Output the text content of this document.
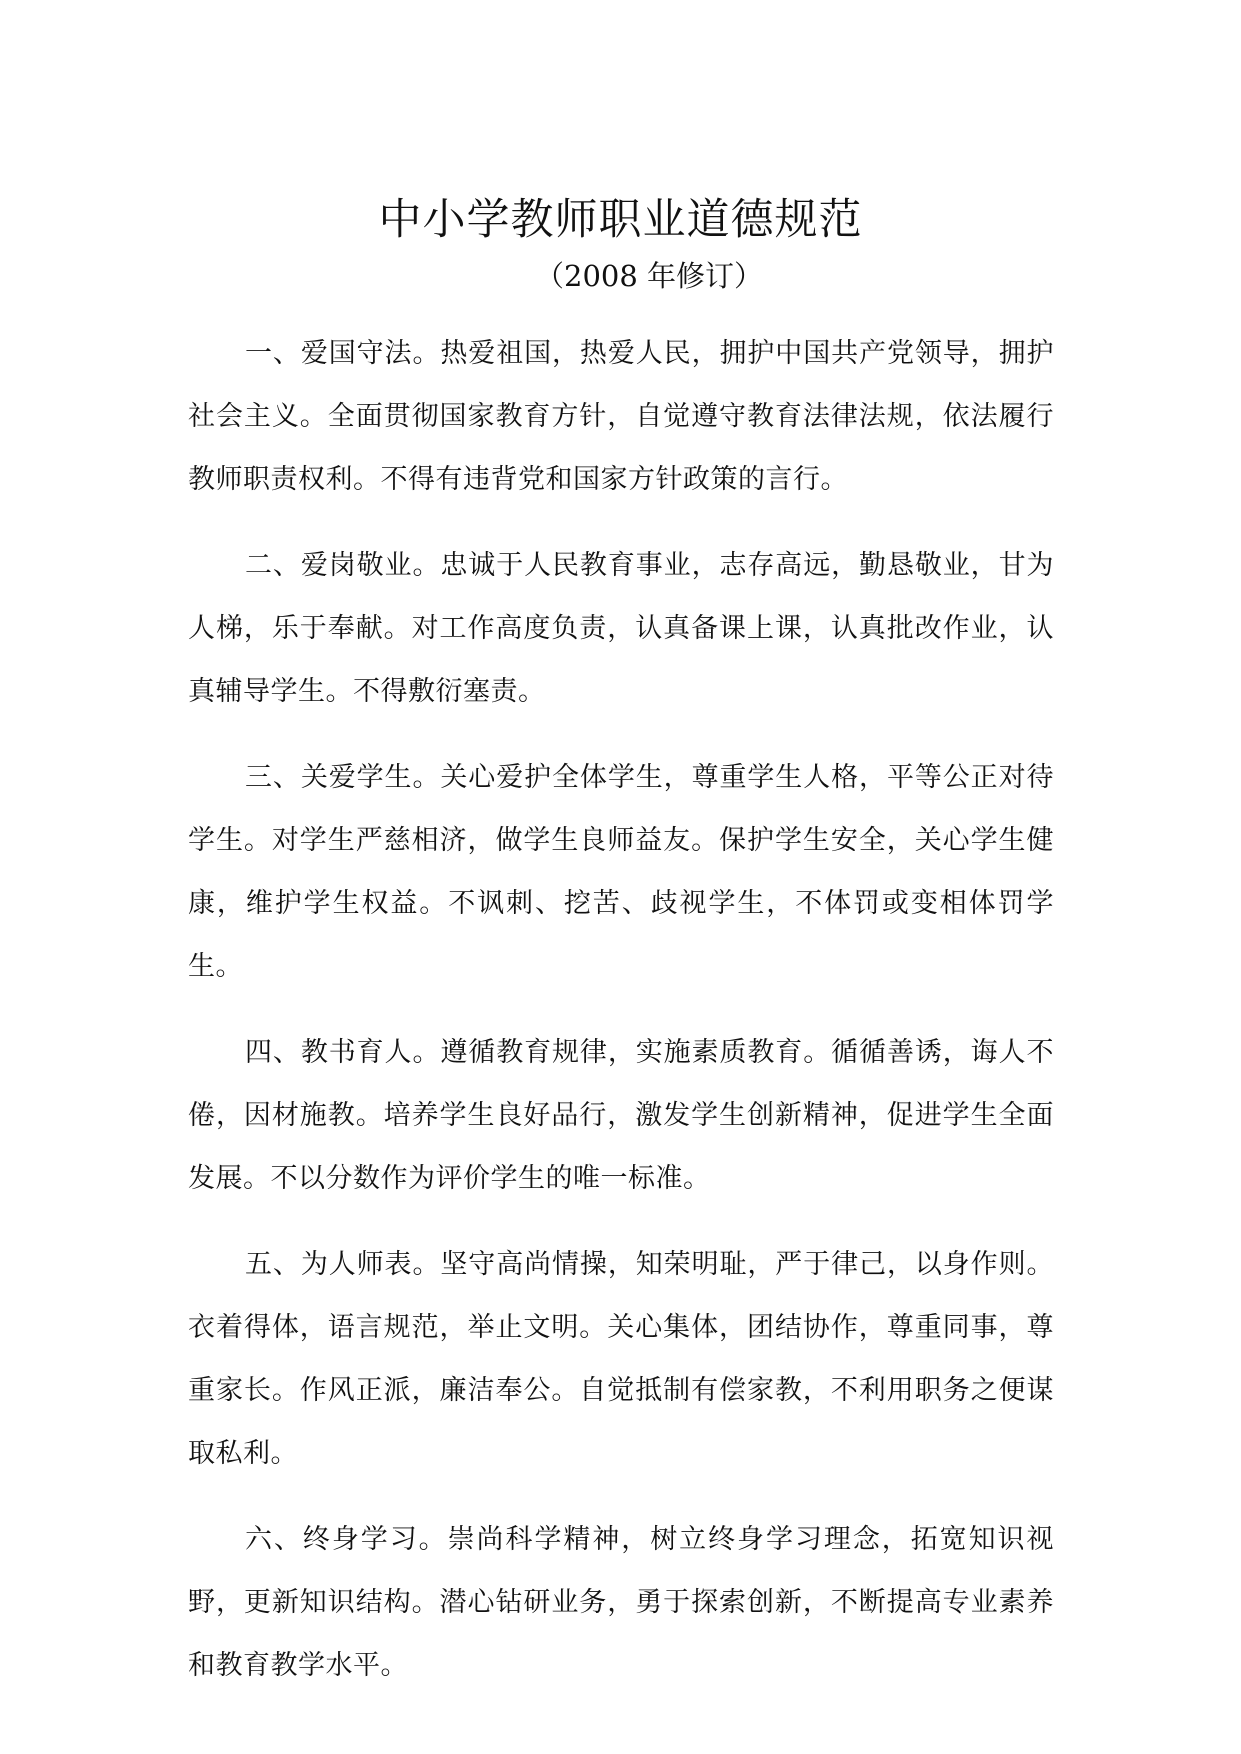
中小学教师职业道德规范

（2008 年修订）

一、爱国守法。热爱祖国，热爱人民，拥护中国共产党领导，拥护社会主义。全面贯彻国家教育方针，自觉遵守教育法律法规，依法履行教师职责权利。不得有违背党和国家方针政策的言行。

二、爱岗敬业。忠诚于人民教育事业，志存高远，勤恳敬业，甘为人梯，乐于奉献。对工作高度负责，认真备课上课，认真批改作业，认真辅导学生。不得敷衍塞责。

三、关爱学生。关心爱护全体学生，尊重学生人格，平等公正对待学生。对学生严慈相济，做学生良师益友。保护学生安全，关心学生健康，维护学生权益。不讽刺、挖苦、歧视学生，不体罚或变相体罚学生。

四、教书育人。遵循教育规律，实施素质教育。循循善诱，诲人不倦，因材施教。培养学生良好品行，激发学生创新精神，促进学生全面发展。不以分数作为评价学生的唯一标准。

五、为人师表。坚守高尚情操，知荣明耻，严于律己，以身作则。衣着得体，语言规范，举止文明。关心集体，团结协作，尊重同事，尊重家长。作风正派，廉洁奉公。自觉抵制有偿家教，不利用职务之便谋取私利。

六、终身学习。崇尚科学精神，树立终身学习理念，拓宽知识视野，更新知识结构。潜心钻研业务，勇于探索创新，不断提高专业素养和教育教学水平。
